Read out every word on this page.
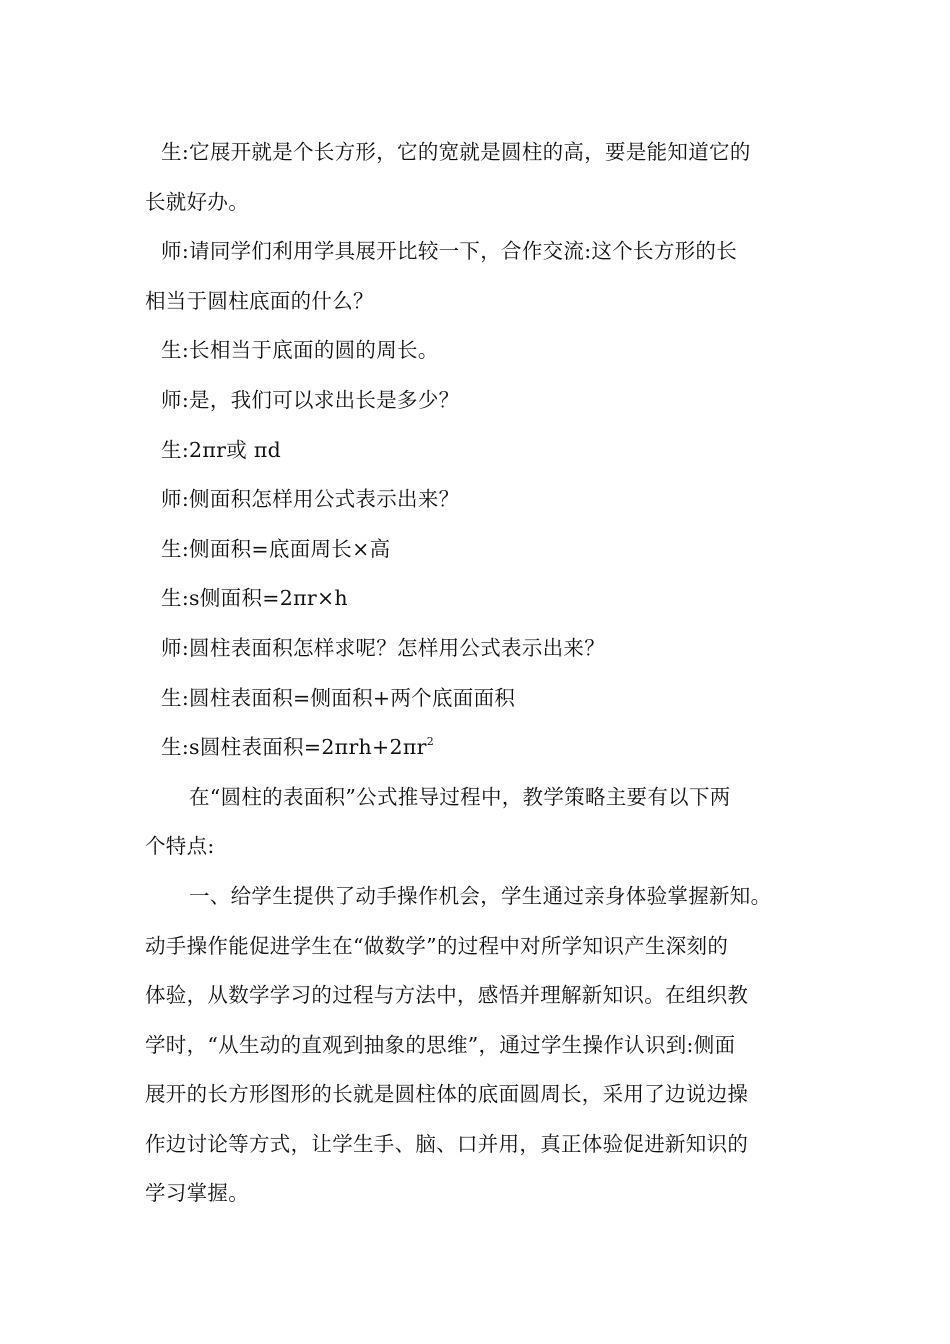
生:它展开就是个长方形，它的宽就是圆柱的高，要是能知道它的
长就好办。
师:请同学们利用学具展开比较一下，合作交流:这个长方形的长
相当于圆柱底面的什么？
生:长相当于底面的圆的周长。
师:是，我们可以求出长是多少？
生:2πr或 πd
师:侧面积怎样用公式表示出来？
生:侧面积=底面周长×高
生:s侧面积=2πr×h
师:圆柱表面积怎样求呢？怎样用公式表示出来？
生:圆柱表面积=侧面积+两个底面面积
生:s圆柱表面积$=2\pi rh+2\pi r^2$
在“圆柱的表面积”公式推导过程中，教学策略主要有以下两
个特点:
一、给学生提供了动手操作机会，学生通过亲身体验掌握新知。
动手操作能促进学生在“做数学”的过程中对所学知识产生深刻的
体验，从数学学习的过程与方法中，感悟并理解新知识。在组织教
学时，“从生动的直观到抽象的思维”，通过学生操作认识到:侧面
展开的长方形图形的长就是圆柱体的底面圆周长，采用了边说边操
作边讨论等方式，让学生手、脑、口并用，真正体验促进新知识的
学习掌握。
